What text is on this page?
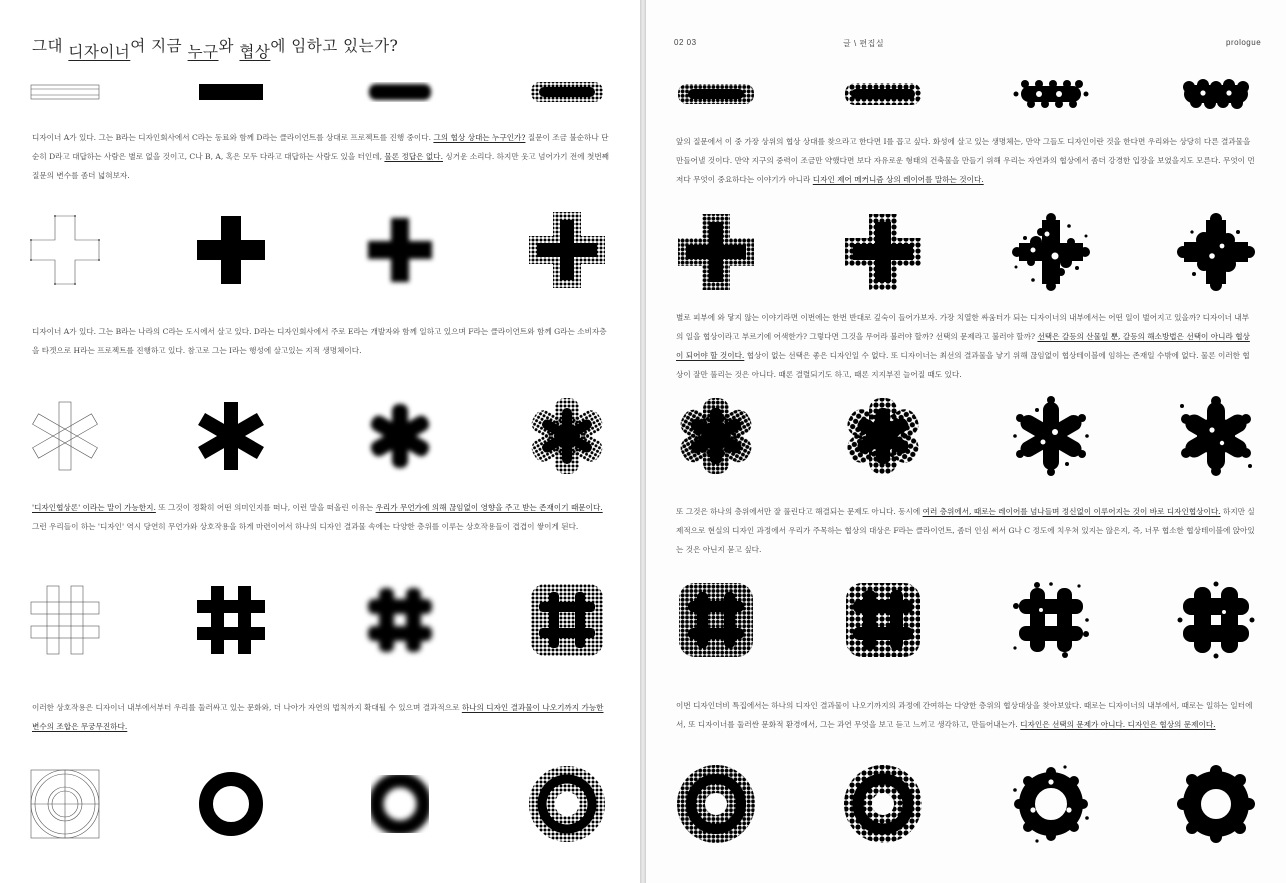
그대 디자이너여 지금 누구와 협상에 임하고 있는가?

디자이너 A가 있다. 그는 B라는 디자인회사에서 C라는 동료와 함께 D라는 클라이언트를 상대로 프로젝트를 진행 중이다. 그의 협상 상대는 누구인가? 질문이 조금 불순하나 단순히 D라고 대답하는 사람은 별로 없을 것이고, C나 B, A, 혹은 모두 다라고 대답하는 사람도 있을 터인데, 물론 정답은 없다. 싱거운 소리다. 하지만 웃고 넘어가기 전에 첫번째 질문의 변수를 좀더 넓혀보자.

디자이너 A가 있다. 그는 B라는 나라의 C라는 도시에서 살고 있다. D라는 디자인회사에서 주로 E라는 개발자와 함께 일하고 있으며 F라는 클라이언트와 함께 G라는 소비자층을 타겟으로 H라는 프로젝트를 진행하고 있다. 참고로 그는 I라는 행성에 살고있는 지적 생명체이다.

'디자인협상론' 이라는 말이 가능한지. 또 그것이 정확히 어떤 의미인지를 떠나, 이런 말을 떠올린 이유는 우리가 무언가에 의해 끊임없이 영향을 주고 받는 존재이기 때문이다. 그런 우리들이 하는 '디자인' 역시 당연히 무언가와 상호작용을 하게 마련이어서 하나의 디자인 결과물 속에는 다양한 층위를 이루는 상호작용들이 겹겹이 쌓이게 된다.

이러한 상호작용은 디자이너 내부에서부터 우리를 둘러싸고 있는 문화와, 더 나아가 자연의 법칙까지 확대될 수 있으며 결과적으로 하나의 디자인 결과물이 나오기까지 가능한 변수의 조합은 무궁무진하다.

02 03	글 \ 편집실	prologue

앞의 질문에서 이 중 가장 상위의 협상 상대를 찾으라고 한다면 I를 꼽고 싶다. 화성에 살고 있는 생명체는, 만약 그들도 디자인이란 것을 한다면 우리와는 상당히 다른 결과물을 만들어낼 것이다. 만약 지구의 중력이 조금만 약했다면 보다 자유로운 형태의 건축물을 만들기 위해 우리는 자연과의 협상에서 좀더 강경한 입장을 보였을지도 모른다. 무엇이 먼저다 무엇이 중요하다는 이야기가 아니라 디자인 제어 메커니즘 상의 레이어를 말하는 것이다.

별로 피부에 와 닿지 않는 이야기라면 이번에는 한번 반대로 깊숙이 들어가보자. 가장 치열한 싸움터가 되는 디자이너의 내부에서는 어떤 일이 벌어지고 있을까? 디자이너 내부의 일을 협상이라고 부르기에 어색한가? 그렇다면 그것을 무어라 불러야 할까? 선택의 문제라고 불러야 할까? 선택은 갈등의 산물일 뿐, 갈등의 해소방법은 선택이 아니라 협상이 되어야 할 것이다. 협상이 없는 선택은 좋은 디자인일 수 없다. 또 디자이너는 최선의 결과물을 낳기 위해 끊임없이 협상테이블에 임하는 존재일 수밖에 없다. 물론 이러한 협상이 잘만 풀리는 것은 아니다. 때론 결렬되기도 하고, 때론 지지부진 늘어질 때도 있다.

또 그것은 하나의 층위에서만 잘 풀린다고 해결되는 문제도 아니다. 동시에 여러 층위에서, 때로는 레이어를 넘나들며 정신없이 이루어지는 것이 바로 디자인협상이다. 하지만 실제적으로 현실의 디자인 과정에서 우리가 주목하는 협상의 대상은 F라는 클라이언트, 좀더 인심 써서 G나 C 정도에 치우쳐 있지는 않은지, 즉, 너무 협소한 협상테이블에 앉아있는 것은 아닌지 묻고 싶다.

이번 디자인더비 특집에서는 하나의 디자인 결과물이 나오기까지의 과정에 간여하는 다양한 층위의 협상대상을 찾아보았다. 때로는 디자이너의 내부에서, 때로는 일하는 일터에서, 또 디자이너를 둘러싼 문화적 환경에서, 그는 과연 무엇을 보고 듣고 느끼고 생각하고, 만들어내는가. 디자인은 선택의 문제가 아니다. 디자인은 협상의 문제이다.
